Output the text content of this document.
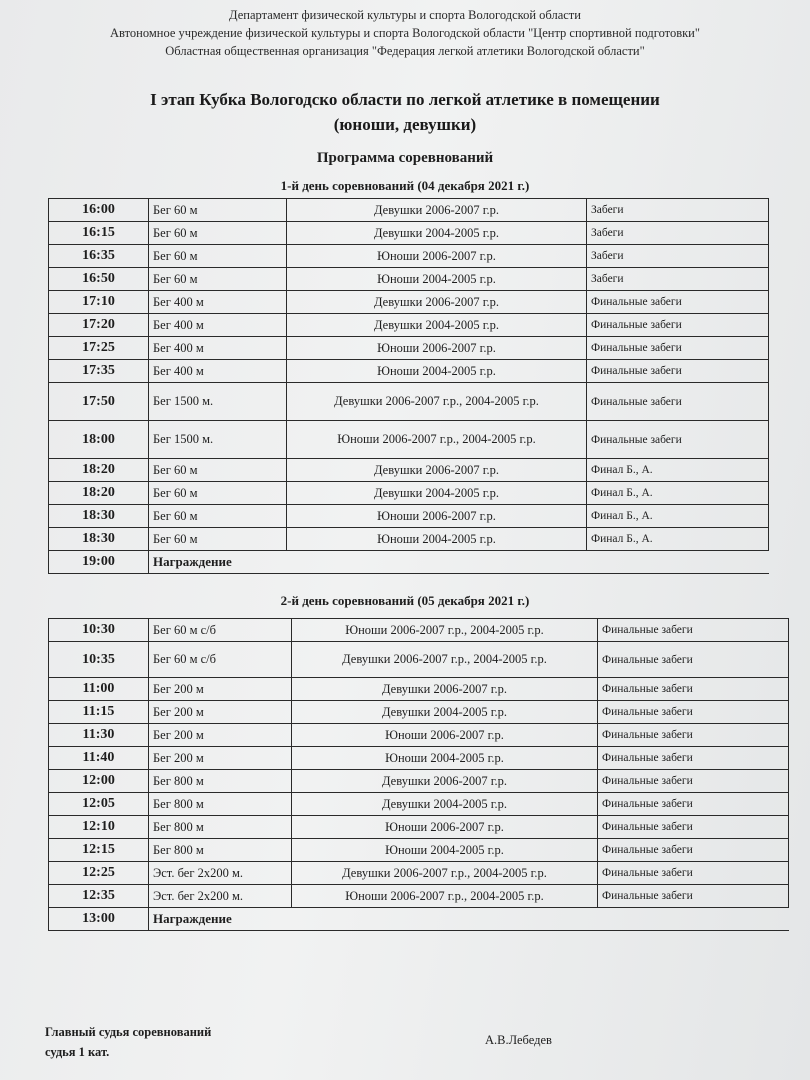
Департамент физической культуры и спорта Вологодской области
Автономное учреждение физической культуры и спорта Вологодской области "Центр спортивной подготовки"
Областная общественная организация "Федерация легкой атлетики Вологодской области"
I этап Кубка Вологодско области по легкой атлетике в помещении
(юноши, девушки)
Программа соревнований
1-й день соревнований (04 декабря 2021 г.)
16:00	Бег 60 м	Девушки 2006-2007 г.р.	Забеги
16:15	Бег 60 м	Девушки 2004-2005 г.р.	Забеги
16:35	Бег 60 м	Юноши 2006-2007 г.р.	Забеги
16:50	Бег 60 м	Юноши 2004-2005 г.р.	Забеги
17:10	Бег 400 м	Девушки 2006-2007 г.р.	Финальные забеги
17:20	Бег 400 м	Девушки 2004-2005 г.р.	Финальные забеги
17:25	Бег 400 м	Юноши 2006-2007 г.р.	Финальные забеги
17:35	Бег 400 м	Юноши 2004-2005 г.р.	Финальные забеги
17:50	Бег 1500 м.	Девушки 2006-2007 г.р., 2004-2005 г.р.	Финальные забеги
18:00	Бег 1500 м.	Юноши 2006-2007 г.р., 2004-2005 г.р.	Финальные забеги
18:20	Бег 60 м	Девушки 2006-2007 г.р.	Финал Б., А.
18:20	Бег 60 м	Девушки 2004-2005 г.р.	Финал Б., А.
18:30	Бег 60 м	Юноши 2006-2007 г.р.	Финал Б., А.
18:30	Бег 60 м	Юноши 2004-2005 г.р.	Финал Б., А.
19:00	Награждение		
2-й день соревнований (05 декабря 2021 г.)
10:30	Бег 60 м с/б	Юноши 2006-2007 г.р., 2004-2005 г.р.	Финальные забеги
10:35	Бег 60 м с/б	Девушки 2006-2007 г.р., 2004-2005 г.р.	Финальные забеги
11:00	Бег 200 м	Девушки 2006-2007 г.р.	Финальные забеги
11:15	Бег 200 м	Девушки 2004-2005 г.р.	Финальные забеги
11:30	Бег 200 м	Юноши 2006-2007 г.р.	Финальные забеги
11:40	Бег 200 м	Юноши 2004-2005 г.р.	Финальные забеги
12:00	Бег 800 м	Девушки 2006-2007 г.р.	Финальные забеги
12:05	Бег 800 м	Девушки 2004-2005 г.р.	Финальные забеги
12:10	Бег 800 м	Юноши 2006-2007 г.р.	Финальные забеги
12:15	Бег 800 м	Юноши 2004-2005 г.р.	Финальные забеги
12:25	Эст. бег 2х200 м.	Девушки 2006-2007 г.р., 2004-2005 г.р.	Финальные забеги
12:35	Эст. бег 2х200 м.	Юноши 2006-2007 г.р., 2004-2005 г.р.	Финальные забеги
13:00	Награждение		
Главный судья соревнований
судья 1 кат.
А.В.Лебедев
